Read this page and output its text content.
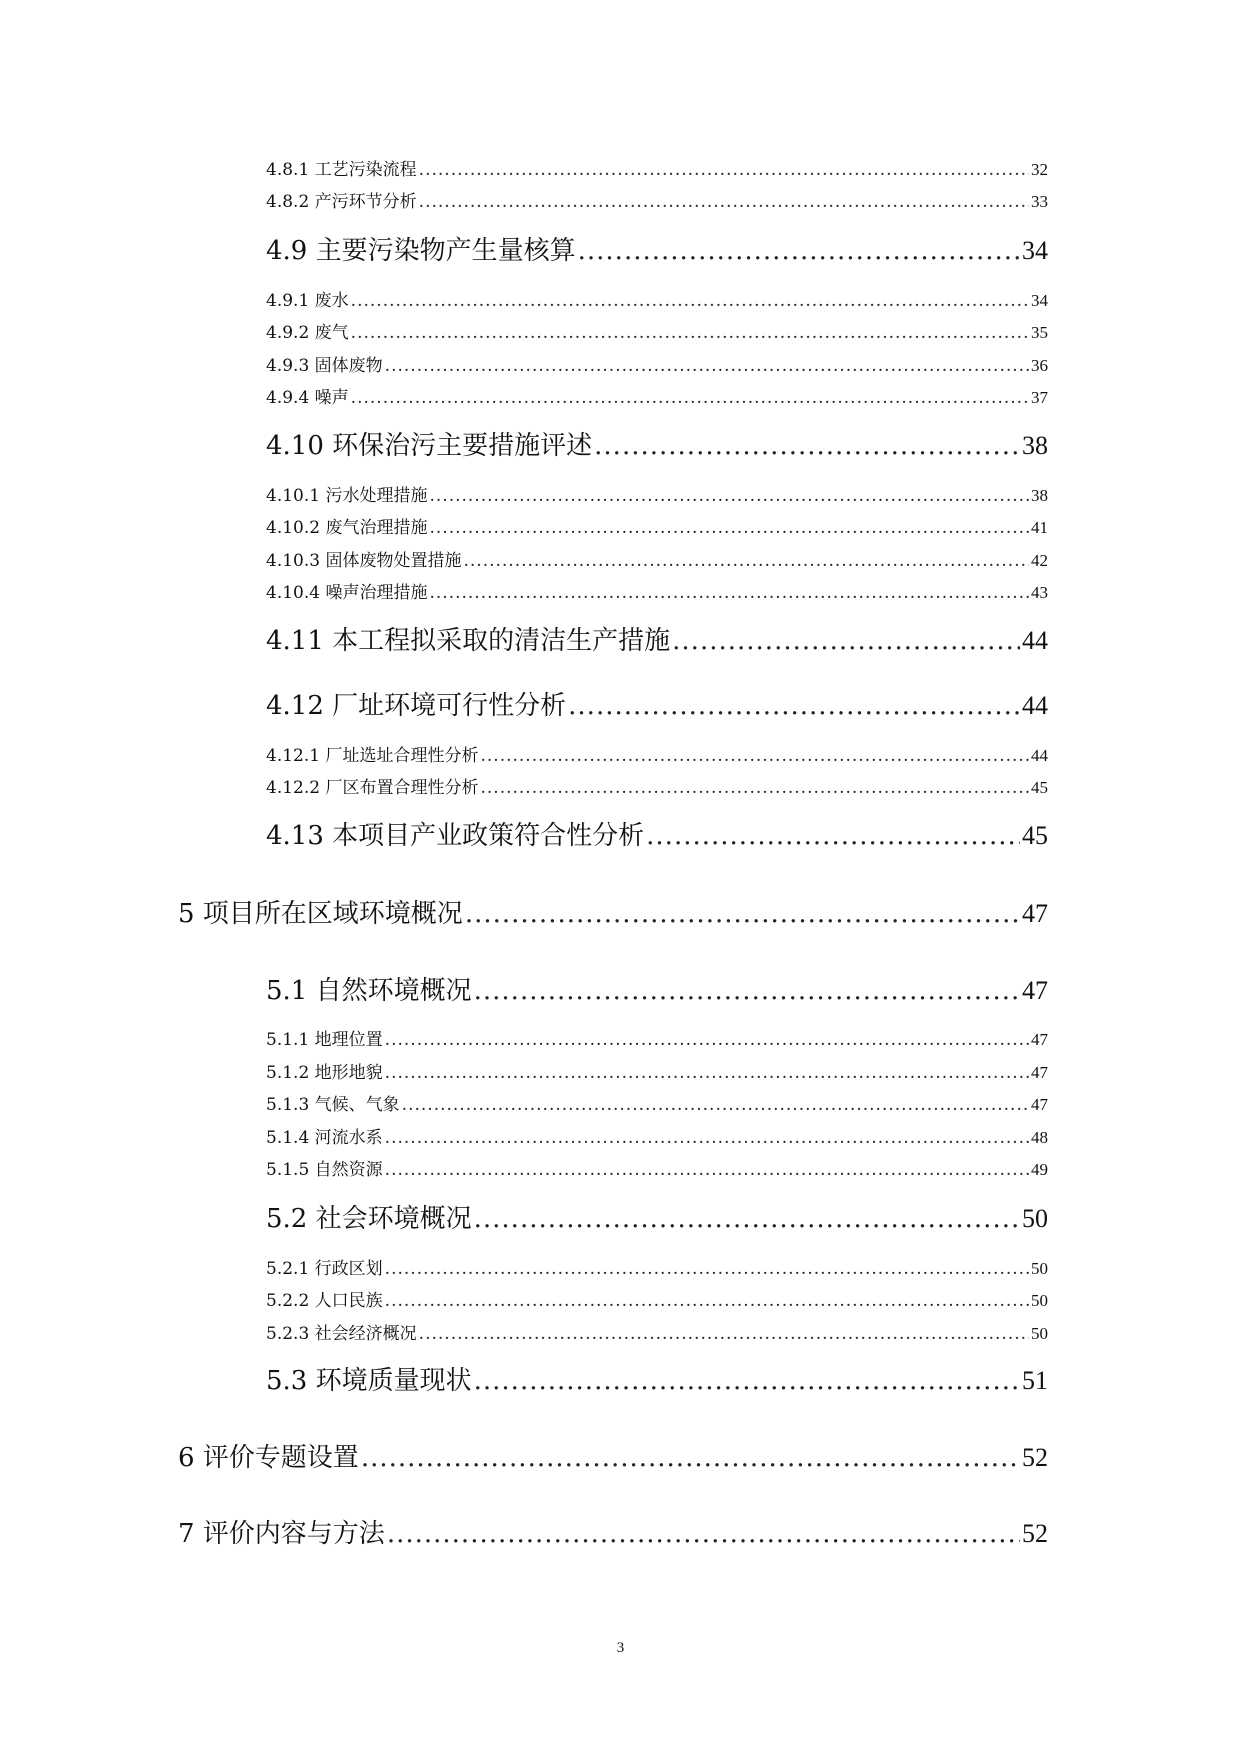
4.8.1 工艺污染流程 .....	32
4.8.2 产污环节分析 .....	33
4.9 主要污染物产生量核算 .....	34
4.9.1 废水 .....	34
4.9.2 废气 .....	35
4.9.3 固体废物 .....	36
4.9.4 噪声 .....	37
4.10 环保治污主要措施评述 .....	38
4.10.1 污水处理措施 .....	38
4.10.2 废气治理措施 .....	41
4.10.3 固体废物处置措施 .....	42
4.10.4 噪声治理措施 .....	43
4.11 本工程拟采取的清洁生产措施 .....	44
4.12 厂址环境可行性分析 .....	44
4.12.1 厂址选址合理性分析 .....	44
4.12.2 厂区布置合理性分析 .....	45
4.13 本项目产业政策符合性分析 .....	45
5 项目所在区域环境概况 .....	47
5.1 自然环境概况 .....	47
5.1.1 地理位置 .....	47
5.1.2 地形地貌 .....	47
5.1.3 气候、气象 .....	47
5.1.4 河流水系 .....	48
5.1.5 自然资源 .....	49
5.2 社会环境概况 .....	50
5.2.1 行政区划 .....	50
5.2.2 人口民族 .....	50
5.2.3 社会经济概况 .....	50
5.3 环境质量现状 .....	51
6 评价专题设置 .....	52
7 评价内容与方法 .....	52
3
